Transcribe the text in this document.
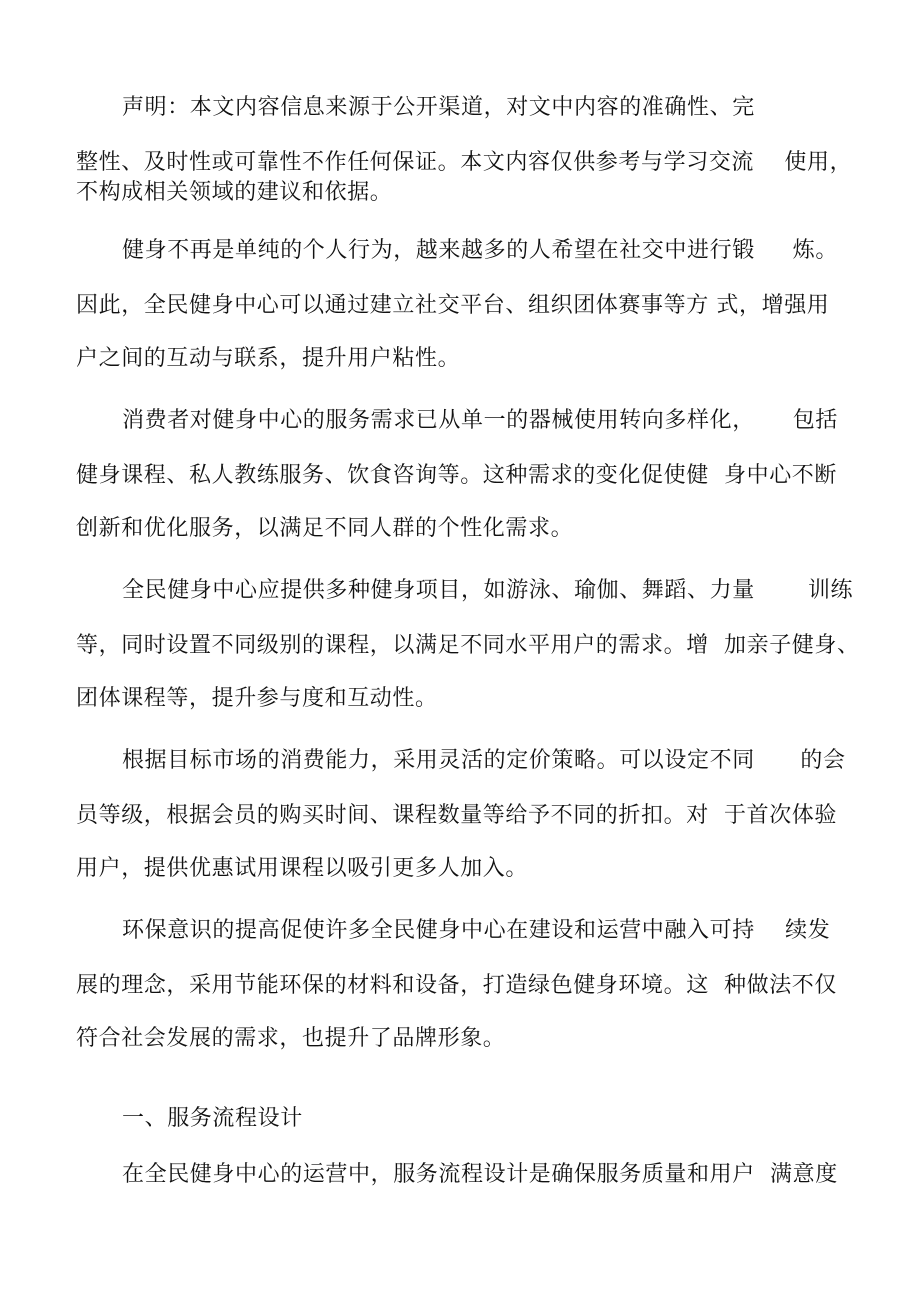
声明：本文内容信息来源于公开渠道，对文中内容的准确性、完
整性、及时性或可靠性不作任何保证。本文内容仅供参考与学习交流    使用，
不构成相关领域的建议和依据。
健身不再是单纯的个人行为，越来越多的人希望在社交中进行锻     炼。
因此，全民健身中心可以通过建立社交平台、组织团体赛事等方 式，增强用
户之间的互动与联系，提升用户粘性。
消费者对健身中心的服务需求已从单一的器械使用转向多样化，     包括
健身课程、私人教练服务、饮食咨询等。这种需求的变化促使健  身中心不断
创新和优化服务，以满足不同人群的个性化需求。
全民健身中心应提供多种健身项目，如游泳、瑜伽、舞蹈、力量       训练
等，同时设置不同级别的课程，以满足不同水平用户的需求。增  加亲子健身、
团体课程等，提升参与度和互动性。
根据目标市场的消费能力，采用灵活的定价策略。可以设定不同      的会
员等级，根据会员的购买时间、课程数量等给予不同的折扣。对  于首次体验
用户，提供优惠试用课程以吸引更多人加入。
环保意识的提高促使许多全民健身中心在建设和运营中融入可持    续发
展的理念，采用节能环保的材料和设备，打造绿色健身环境。这  种做法不仅
符合社会发展的需求，也提升了品牌形象。
一、服务流程设计
在全民健身中心的运营中，服务流程设计是确保服务质量和用户  满意度
